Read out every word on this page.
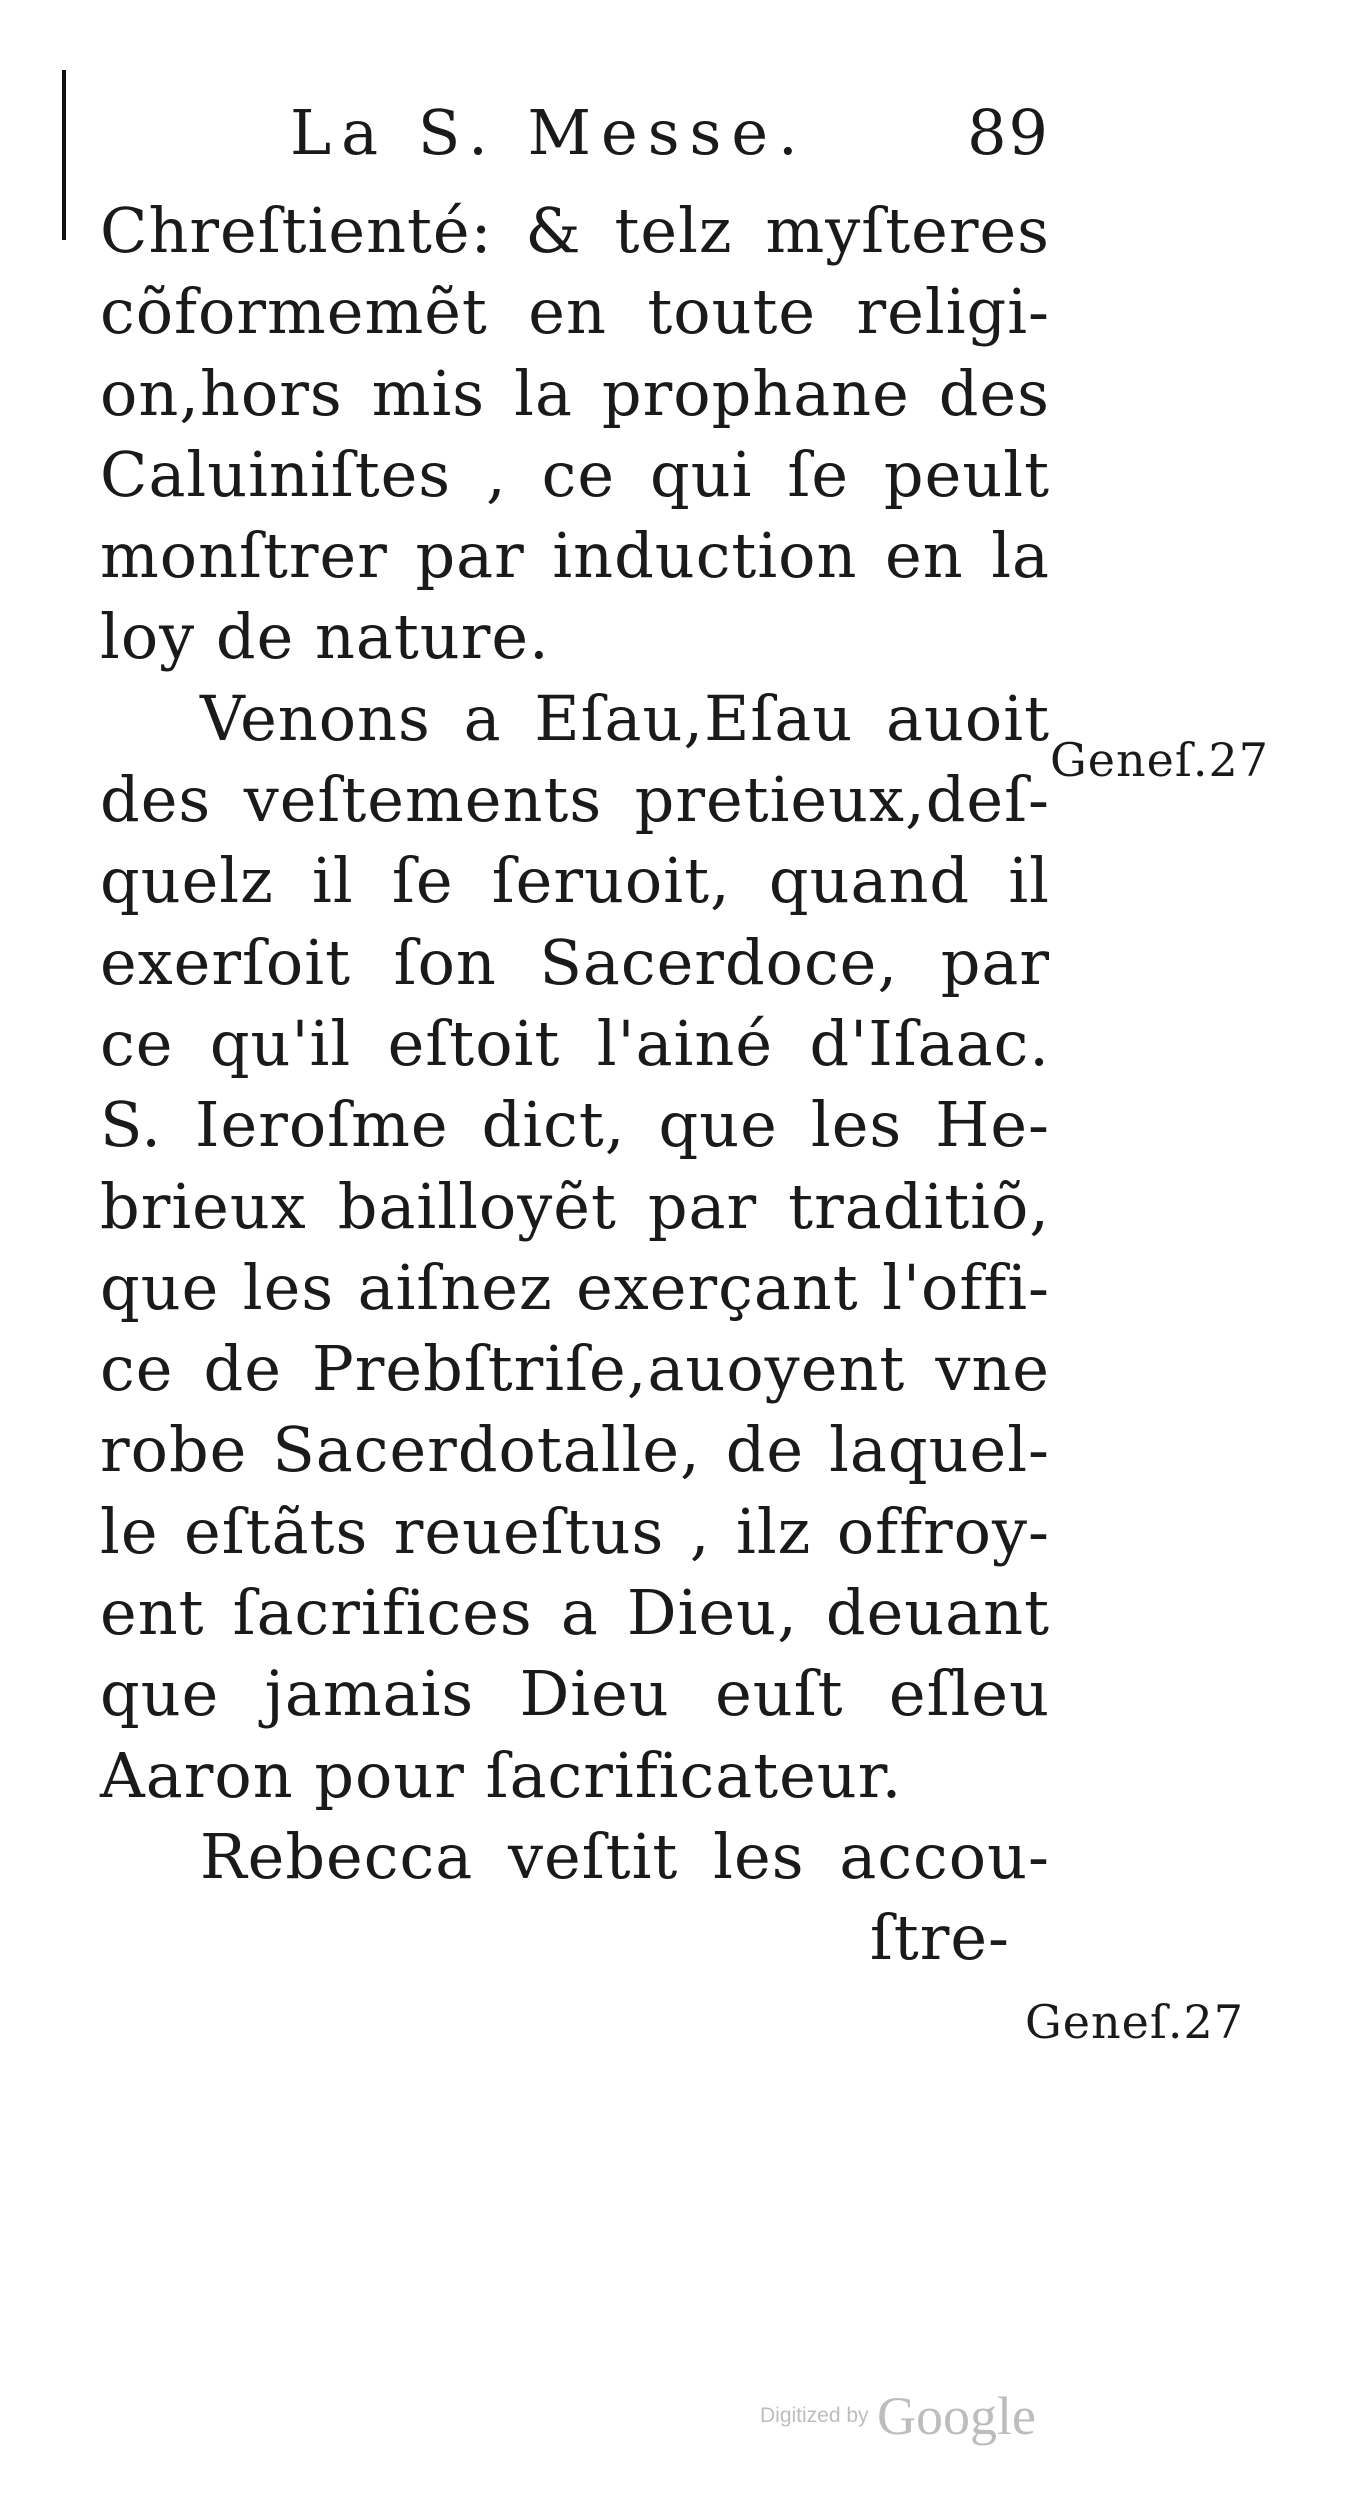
La S. Messe.	89
Chreſtienté: & telz myſteres
cõformemẽt en toute religi-
on,hors mis la prophane des
Caluiniſtes , ce qui ſe peult
monſtrer par induction en la
loy de nature.
Venons a Eſau,Eſau auoit
des veſtements pretieux,deſ-
quelz il ſe ſeruoit, quand il
exerſoit ſon Sacerdoce, par
ce qu'il eſtoit l'ainé d'Iſaac.
S. Ieroſme dict, que les He-
brieux bailloyẽt par traditiõ,
que les aiſnez exerçant l'offi-
ce de Prebſtriſe,auoyent vne
robe Sacerdotalle, de laquel-
le eſtãts reueſtus , ilz offroy-
ent ſacrifices a Dieu, deuant
que jamais Dieu euſt eſleu
Aaron pour ſacrificateur.
Rebecca veſtit les accou-
ſtre-
Geneſ.27
Geneſ.27
Digitized by Google
